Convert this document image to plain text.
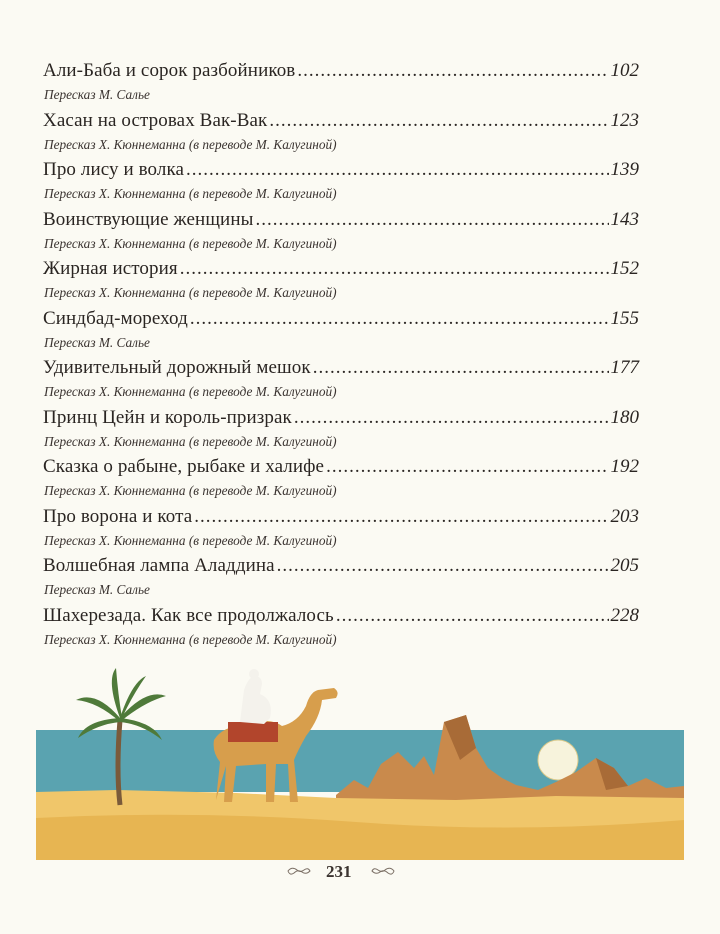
Али-Баба и сорок разбойников .....	102
Пересказ М. Салье
Хасан на островах Вак-Вак .....	123
Пересказ Х. Кюннеманна (в переводе М. Калугиной)
Про лису и волка .....	139
Пересказ Х. Кюннеманна (в переводе М. Калугиной)
Воинствующие женщины .....	143
Пересказ Х. Кюннеманна (в переводе М. Калугиной)
Жирная история .....	152
Пересказ Х. Кюннеманна (в переводе М. Калугиной)
Синдбад-мореход .....	155
Пересказ М. Салье
Удивительный дорожный мешок .....	177
Пересказ Х. Кюннеманна (в переводе М. Калугиной)
Принц Цейн и король-призрак .....	180
Пересказ Х. Кюннеманна (в переводе М. Калугиной)
Сказка о рабыне, рыбаке и халифе .....	192
Пересказ Х. Кюннеманна (в переводе М. Калугиной)
Про ворона и кота .....	203
Пересказ Х. Кюннеманна (в переводе М. Калугиной)
Волшебная лампа Аладдина .....	205
Пересказ М. Салье
Шахерезада. Как все продолжалось .....	228
Пересказ Х. Кюннеманна (в переводе М. Калугиной)
231
